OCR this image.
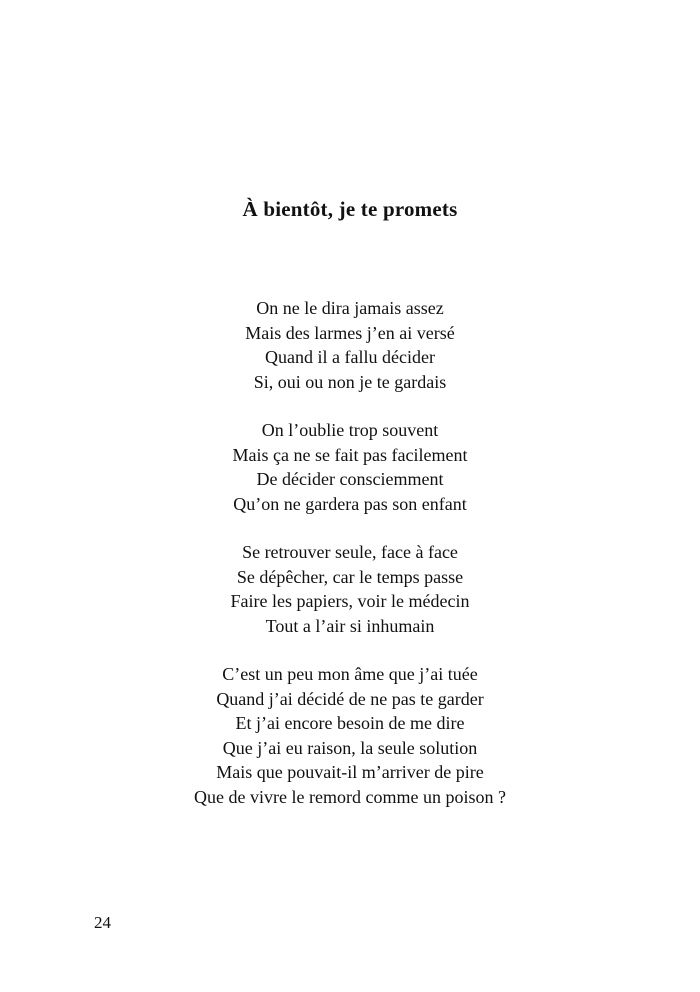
À bientôt, je te promets
On ne le dira jamais assez
Mais des larmes j’en ai versé
Quand il a fallu décider
Si, oui ou non je te gardais
On l’oublie trop souvent
Mais ça ne se fait pas facilement
De décider consciemment
Qu’on ne gardera pas son enfant
Se retrouver seule, face à face
Se dépêcher, car le temps passe
Faire les papiers, voir le médecin
Tout a l’air si inhumain
C’est un peu mon âme que j’ai tuée
Quand j’ai décidé de ne pas te garder
Et j’ai encore besoin de me dire
Que j’ai eu raison, la seule solution
Mais que pouvait-il m’arriver de pire
Que de vivre le remord comme un poison ?
24
